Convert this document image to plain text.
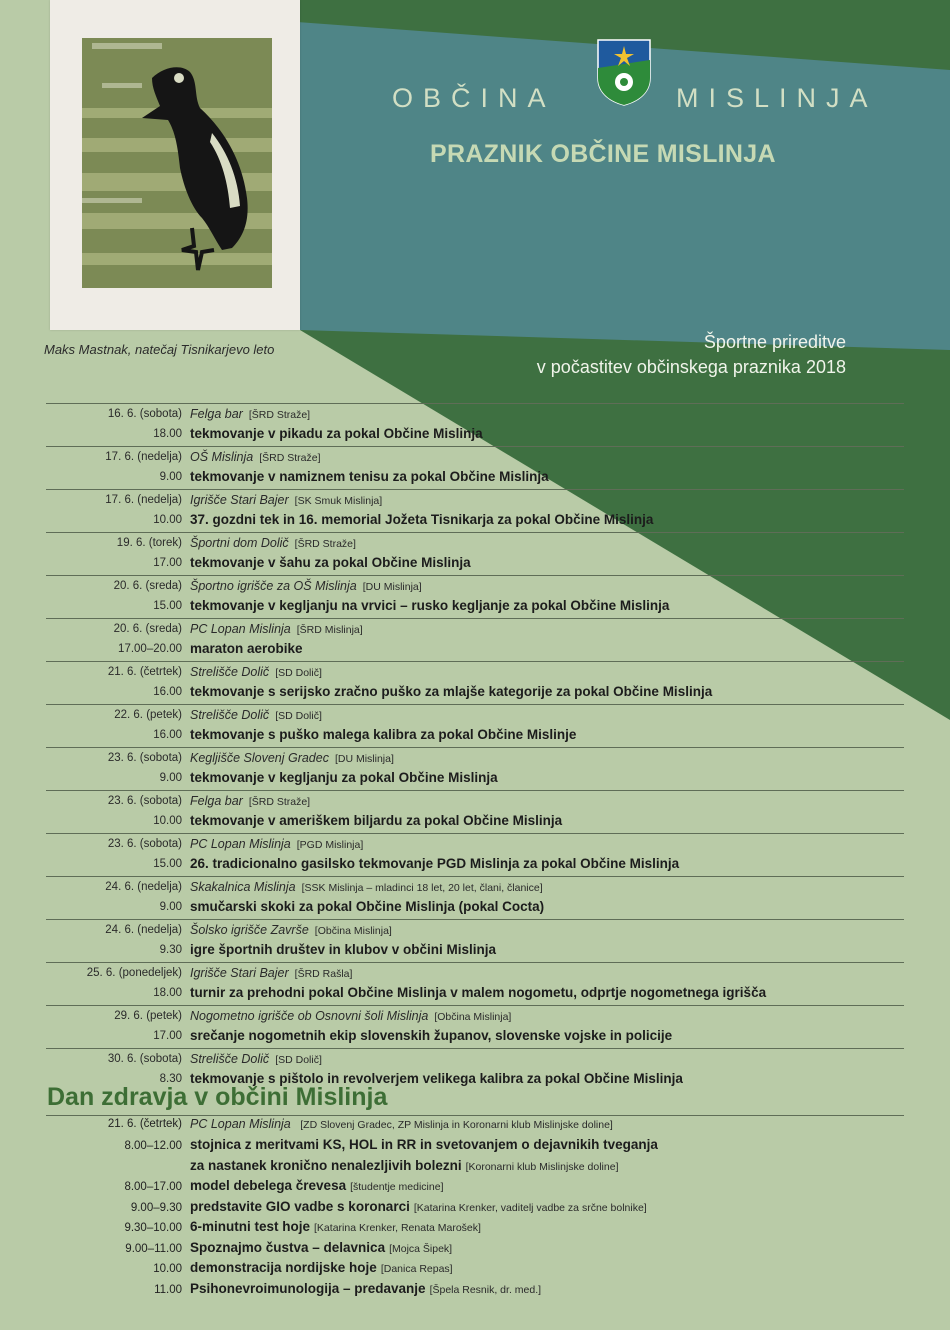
Maks Mastnak, natečaj Tisnikarjevo leto
OBČINA	MISLINJA
PRAZNIK OBČINE MISLINJA
Športne prireditve
v počastitev občinskega praznika 2018
16. 6. (sobota) Felga bar [ŠRD Straže]
18.00 tekmovanje v pikadu za pokal Občine Mislinja
17. 6. (nedelja) OŠ Mislinja [ŠRD Straže]
9.00 tekmovanje v namiznem tenisu za pokal Občine Mislinja
17. 6. (nedelja) Igrišče Stari Bajer [SK Smuk Mislinja]
10.00 37. gozdni tek in 16. memorial Jožeta Tisnikarja za pokal Občine Mislinja
19. 6. (torek) Športni dom Dolič [ŠRD Straže]
17.00 tekmovanje v šahu za pokal Občine Mislinja
20. 6. (sreda) Športno igrišče za OŠ Mislinja [DU Mislinja]
15.00 tekmovanje v kegljanju na vrvici – rusko kegljanje za pokal Občine Mislinja
20. 6. (sreda) PC Lopan Mislinja [ŠRD Mislinja]
17.00–20.00 maraton aerobike
21. 6. (četrtek) Strelišče Dolič [SD Dolič]
16.00 tekmovanje s serijsko zračno puško za mlajše kategorije za pokal Občine Mislinja
22. 6. (petek) Strelišče Dolič [SD Dolič]
16.00 tekmovanje s puško malega kalibra za pokal Občine Mislinje
23. 6. (sobota) Kegljišče Slovenj Gradec [DU Mislinja]
9.00 tekmovanje v kegljanju za pokal Občine Mislinja
23. 6. (sobota) Felga bar [ŠRD Straže]
10.00 tekmovanje v ameriškem biljardu za pokal Občine Mislinja
23. 6. (sobota) PC Lopan Mislinja [PGD Mislinja]
15.00 26. tradicionalno gasilsko tekmovanje PGD Mislinja za pokal Občine Mislinja
24. 6. (nedelja) Skakalnica Mislinja [SSK Mislinja – mladinci 18 let, 20 let, člani, članice]
9.00 smučarski skoki za pokal Občine Mislinja (pokal Cocta)
24. 6. (nedelja) Šolsko igrišče Završe [Občina Mislinja]
9.30 igre športnih društev in klubov v občini Mislinja
25. 6. (ponedeljek) Igrišče Stari Bajer [ŠRD Rašla]
18.00 turnir za prehodni pokal Občine Mislinja v malem nogometu, odprtje nogometnega igrišča
29. 6. (petek) Nogometno igrišče ob Osnovni šoli Mislinja [Občina Mislinja]
17.00 srečanje nogometnih ekip slovenskih županov, slovenske vojske in policije
30. 6. (sobota) Strelišče Dolič [SD Dolič]
8.30 tekmovanje s pištolo in revolverjem velikega kalibra za pokal Občine Mislinja
Dan zdravja v občini Mislinja
21. 6. (četrtek) PC Lopan Mislinja [ZD Slovenj Gradec, ZP Mislinja in Koronarni klub Mislinjske doline]
8.00–12.00 stojnica z meritvami KS, HOL in RR in svetovanjem o dejavnikih tveganja
za nastanek kronično nenalezljivih bolezni [Koronarni klub Mislinjske doline]
8.00–17.00 model debelega črevesa [študentje medicine]
9.00–9.30 predstavite GIO vadbe s koronarci [Katarina Krenker, vaditelj vadbe za srčne bolnike]
9.30–10.00 6-minutni test hoje [Katarina Krenker, Renata Marošek]
9.00–11.00 Spoznajmo čustva – delavnica [Mojca Šipek]
10.00 demonstracija nordijske hoje [Danica Repas]
11.00 Psihonevroimunologija – predavanje [Špela Resnik, dr. med.]
